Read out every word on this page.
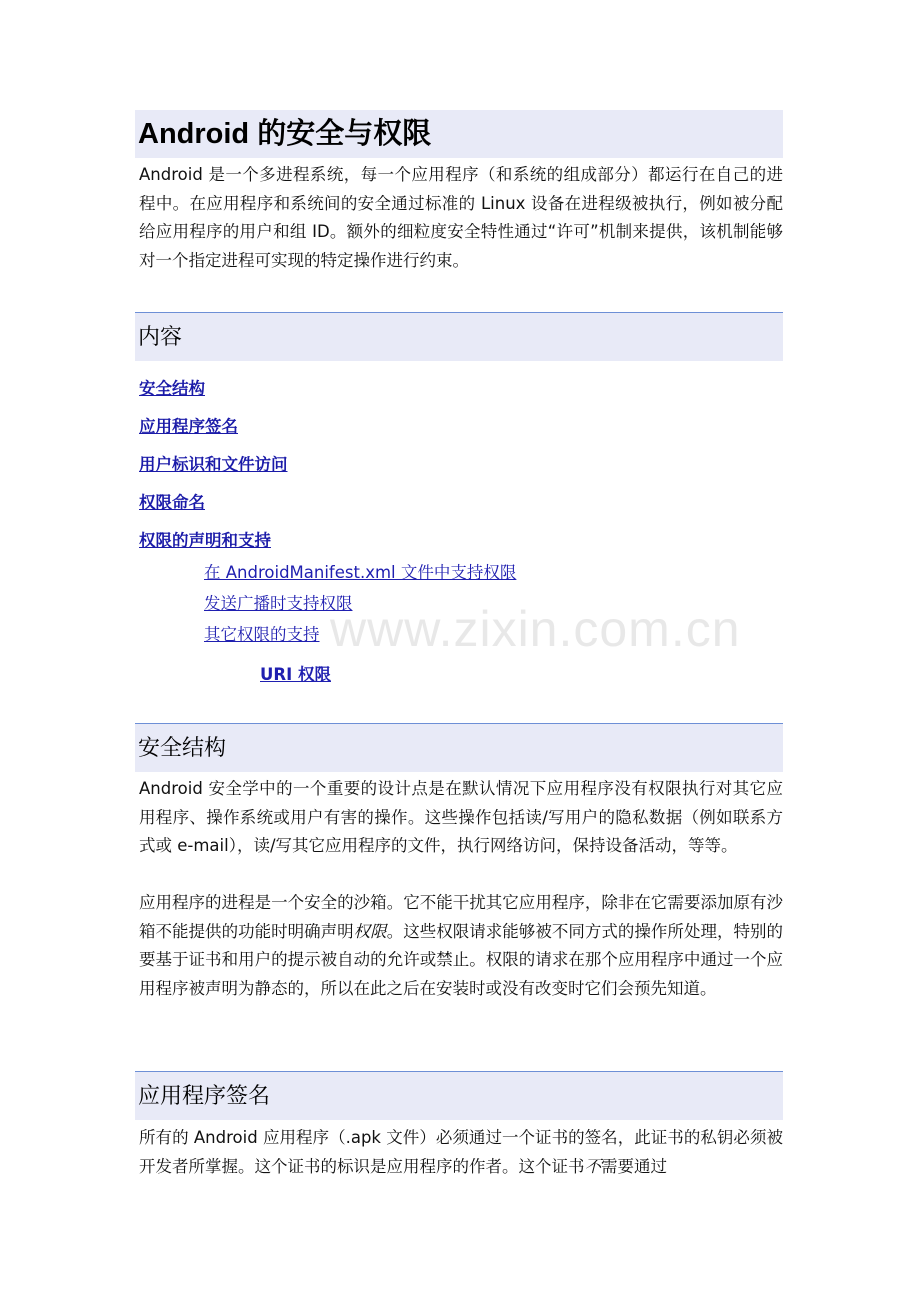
Android 的安全与权限

Android 是一个多进程系统，每一个应用程序（和系统的组成部分）都运行在自己的进程中。在应用程序和系统间的安全通过标准的 Linux 设备在进程级被执行，例如被分配给应用程序的用户和组 ID。额外的细粒度安全特性通过“许可”机制来提供，该机制能够对一个指定进程可实现的特定操作进行约束。

内容
安全结构
应用程序签名
用户标识和文件访问
权限命名
权限的声明和支持
在 AndroidManifest.xml 文件中支持权限
发送广播时支持权限
其它权限的支持
URI 权限
安全结构

Android 安全学中的一个重要的设计点是在默认情况下应用程序没有权限执行对其它应用程序、操作系统或用户有害的操作。这些操作包括读/写用户的隐私数据（例如联系方式或 e-mail），读/写其它应用程序的文件，执行网络访问，保持设备活动，等等。

应用程序的进程是一个安全的沙箱。它不能干扰其它应用程序，除非在它需要添加原有沙箱不能提供的功能时明确声明权限。这些权限请求能够被不同方式的操作所处理，特别的要基于证书和用户的提示被自动的允许或禁止。权限的请求在那个应用程序中通过一个应用程序被声明为静态的，所以在此之后在安装时或没有改变时它们会预先知道。

应用程序签名

所有的 Android 应用程序（.apk 文件）必须通过一个证书的签名，此证书的私钥必须被开发者所掌握。这个证书的标识是应用程序的作者。这个证书不需要通过

www.zixin.com.cn
